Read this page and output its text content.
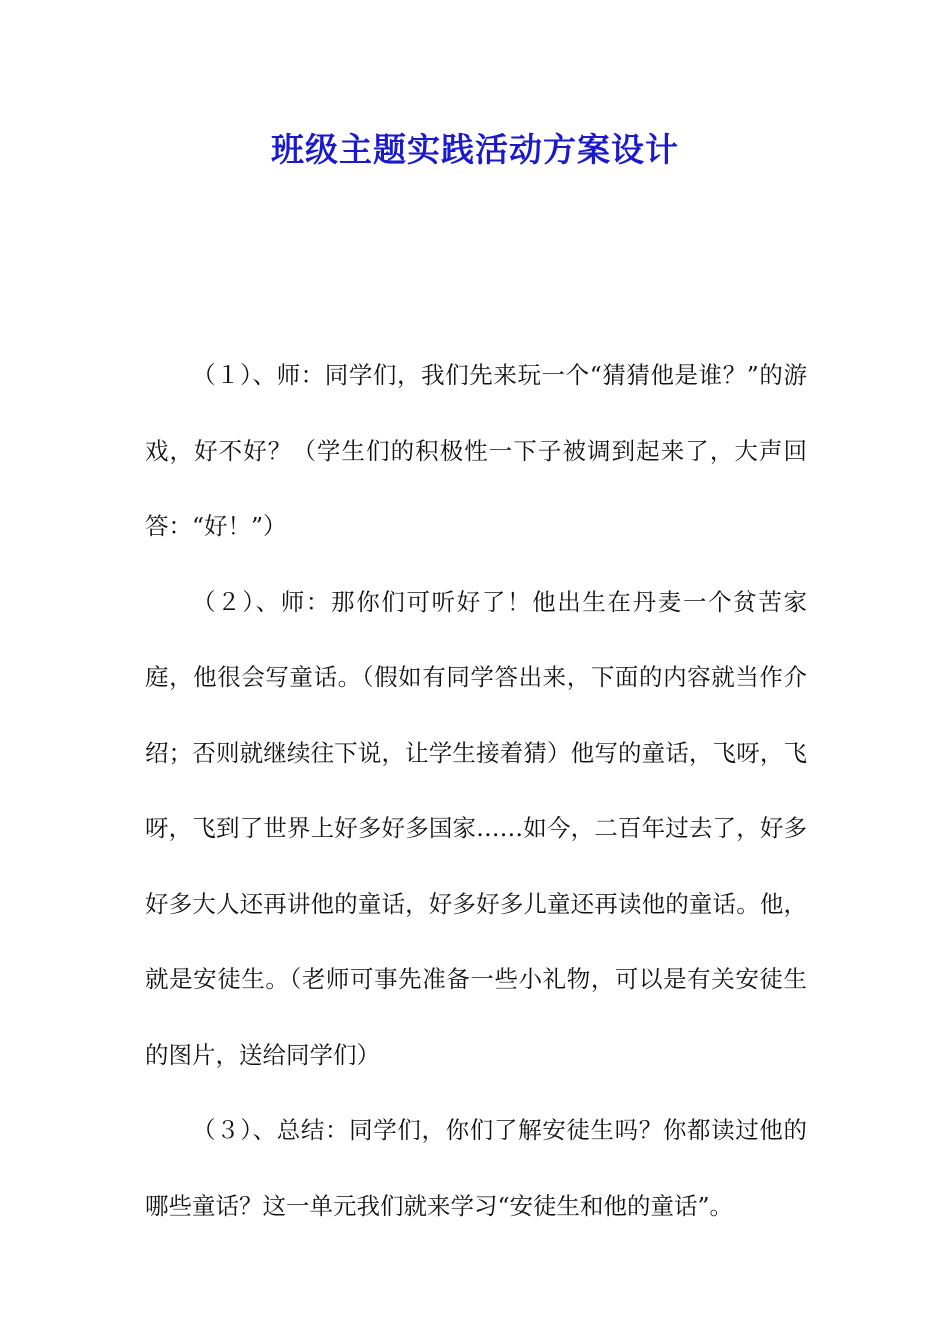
班级主题实践活动方案设计

（１）、师：同学们，我们先来玩一个“猜猜他是谁？”的游戏，好不好？（学生们的积极性一下子被调到起来了，大声回答：“好！”）

（２）、师：那你们可听好了！他出生在丹麦一个贫苦家庭，他很会写童话。（假如有同学答出来，下面的内容就当作介绍；否则就继续往下说，让学生接着猜）他写的童话，飞呀，飞呀，飞到了世界上好多好多国家……如今，二百年过去了，好多好多大人还再讲他的童话，好多好多儿童还再读他的童话。他，就是安徒生。（老师可事先准备一些小礼物，可以是有关安徒生的图片，送给同学们）

（３）、总结：同学们，你们了解安徒生吗？你都读过他的哪些童话？这一单元我们就来学习“安徒生和他的童话”。
